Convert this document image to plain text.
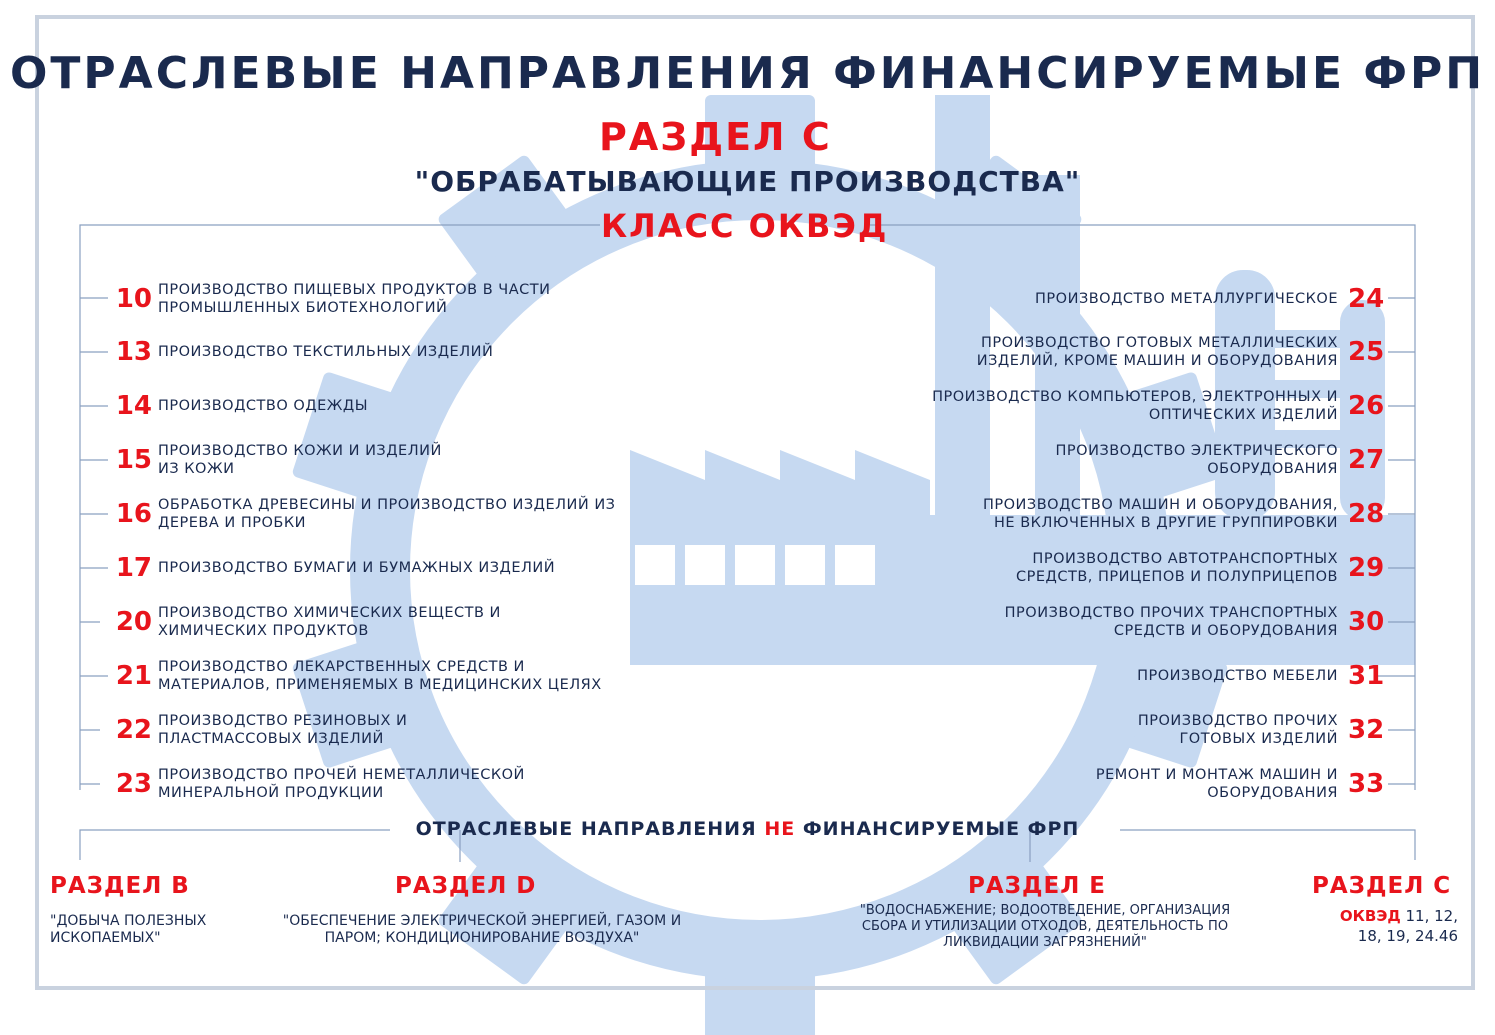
ОТРАСЛЕВЫЕ НАПРАВЛЕНИЯ ФИНАНСИРУЕМЫЕ ФРП
РАЗДЕЛ С
"ОБРАБАТЫВАЮЩИЕ ПРОИЗВОДСТВА"
КЛАСС ОКВЭД
10 ПРОИЗВОДСТВО ПИЩЕВЫХ ПРОДУКТОВ В ЧАСТИ ПРОМЫШЛЕННЫХ БИОТЕХНОЛОГИЙ
13 ПРОИЗВОДСТВО ТЕКСТИЛЬНЫХ ИЗДЕЛИЙ
14 ПРОИЗВОДСТВО ОДЕЖДЫ
15 ПРОИЗВОДСТВО КОЖИ И ИЗДЕЛИЙ ИЗ КОЖИ
16 ОБРАБОТКА ДРЕВЕСИНЫ И ПРОИЗВОДСТВО ИЗДЕЛИЙ ИЗ ДЕРЕВА И ПРОБКИ
17 ПРОИЗВОДСТВО БУМАГИ И БУМАЖНЫХ ИЗДЕЛИЙ
20 ПРОИЗВОДСТВО ХИМИЧЕСКИХ ВЕЩЕСТВ И ХИМИЧЕСКИХ ПРОДУКТОВ
21 ПРОИЗВОДСТВО ЛЕКАРСТВЕННЫХ СРЕДСТВ И МАТЕРИАЛОВ, ПРИМЕНЯЕМЫХ В МЕДИЦИНСКИХ ЦЕЛЯХ
22 ПРОИЗВОДСТВО РЕЗИНОВЫХ И ПЛАСТМАССОВЫХ ИЗДЕЛИЙ
23 ПРОИЗВОДСТВО ПРОЧЕЙ НЕМЕТАЛЛИЧЕСКОЙ МИНЕРАЛЬНОЙ ПРОДУКЦИИ
ПРОИЗВОДСТВО МЕТАЛЛУРГИЧЕСКОЕ 24
ПРОИЗВОДСТВО ГОТОВЫХ МЕТАЛЛИЧЕСКИХ ИЗДЕЛИЙ, КРОМЕ МАШИН И ОБОРУДОВАНИЯ 25
ПРОИЗВОДСТВО КОМПЬЮТЕРОВ, ЭЛЕКТРОННЫХ И ОПТИЧЕСКИХ ИЗДЕЛИЙ 26
ПРОИЗВОДСТВО ЭЛЕКТРИЧЕСКОГО ОБОРУДОВАНИЯ 27
ПРОИЗВОДСТВО МАШИН И ОБОРУДОВАНИЯ, НЕ ВКЛЮЧЕННЫХ В ДРУГИЕ ГРУППИРОВКИ 28
ПРОИЗВОДСТВО АВТОТРАНСПОРТНЫХ СРЕДСТВ, ПРИЦЕПОВ И ПОЛУПРИЦЕПОВ 29
ПРОИЗВОДСТВО ПРОЧИХ ТРАНСПОРТНЫХ СРЕДСТВ И ОБОРУДОВАНИЯ 30
ПРОИЗВОДСТВО МЕБЕЛИ 31
ПРОИЗВОДСТВО ПРОЧИХ ГОТОВЫХ ИЗДЕЛИЙ 32
РЕМОНТ И МОНТАЖ МАШИН И ОБОРУДОВАНИЯ 33
ОТРАСЛЕВЫЕ НАПРАВЛЕНИЯ НЕ ФИНАНСИРУЕМЫЕ ФРП
РАЗДЕЛ В
"ДОБЫЧА ПОЛЕЗНЫХ ИСКОПАЕМЫХ"
РАЗДЕЛ D
"ОБЕСПЕЧЕНИЕ ЭЛЕКТРИЧЕСКОЙ ЭНЕРГИЕЙ, ГАЗОМ И ПАРОМ; КОНДИЦИОНИРОВАНИЕ ВОЗДУХА"
РАЗДЕЛ Е
"ВОДОСНАБЖЕНИЕ; ВОДООТВЕДЕНИЕ, ОРГАНИЗАЦИЯ СБОРА И УТИЛИЗАЦИИ ОТХОДОВ, ДЕЯТЕЛЬНОСТЬ ПО ЛИКВИДАЦИИ ЗАГРЯЗНЕНИЙ"
РАЗДЕЛ С
ОКВЭД 11, 12,
18, 19, 24.46
